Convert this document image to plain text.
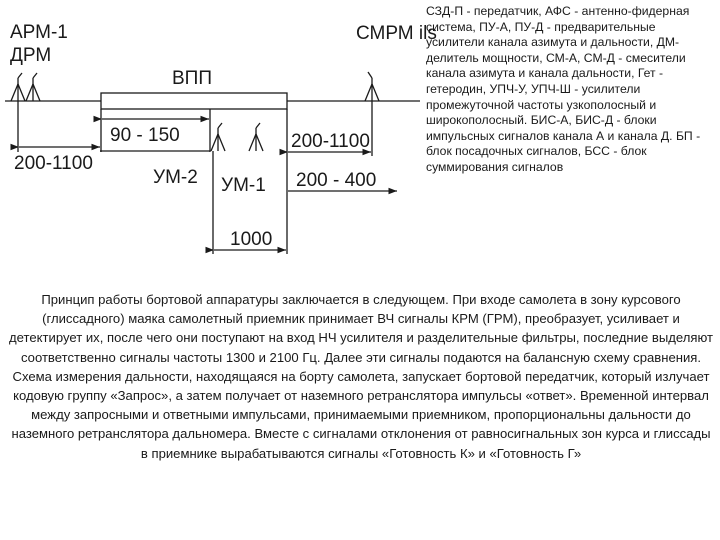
АРМ-1
ДРМ
СМРМ ils
ВПП
90 - 150
200-1100
200-1100
УМ-2 УМ-1 200 - 400
1000

СЗД-П - передатчик, АФС - антенно-фидерная система, ПУ-А, ПУ-Д - предварительные усилители канала азимута и дальности, ДМ- делитель мощности, СМ-А, СМ-Д - смесители канала азимута и канала дальности, Гет - гетеродин, УПЧ-У, УПЧ-Ш - усилители промежуточной частоты узкополосный и широкополосный. БИС-А, БИС-Д - блоки импульсных сигналов канала А и канала Д. БП - блок посадочных сигналов, БСС - блок суммирования сигналов

Принцип работы бортовой аппаратуры заключается в следующем. При входе самолета в зону курсового (глиссадного) маяка самолетный приемник принимает ВЧ сигналы КРМ (ГРМ), преобразует, усиливает и детектирует их, после чего они поступают на вход НЧ усилителя и разделительные фильтры, последние выделяют соответственно сигналы частоты 1300 и 2100 Гц. Далее эти сигналы подаются на балансную схему сравнения.

Схема измерения дальности, находящаяся на борту самолета, запускает бортовой передатчик, который излучает кодовую группу «Запрос», а затем получает от наземного ретранслятора импульсы «ответ». Временной интервал между запросными и ответными импульсами, принимаемыми приемником, пропорциональны дальности до наземного ретранслятора дальномера. Вместе с сигналами отклонения от равносигнальных зон курса и глиссады в приемнике вырабатываются сигналы «Готовность К» и «Готовность Г»
